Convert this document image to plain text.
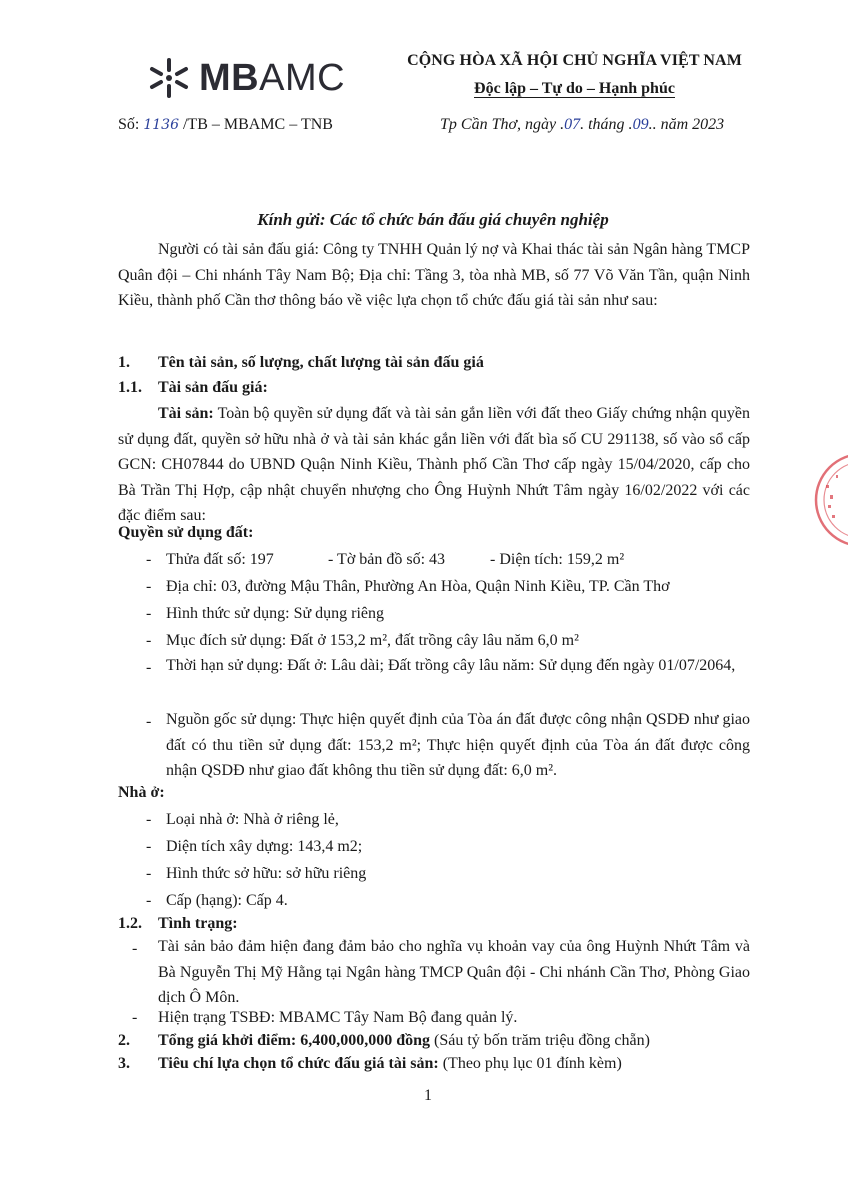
MBAMC
Số: 1136 /TB – MBAMC – TNB
CỘNG HÒA XÃ HỘI CHỦ NGHĨA VIỆT NAM
Độc lập – Tự do – Hạnh phúc
Tp Cần Thơ, ngày .07. tháng .09.. năm 2023
Kính gửi: Các tổ chức bán đấu giá chuyên nghiệp
Người có tài sản đấu giá: Công ty TNHH Quản lý nợ và Khai thác tài sản Ngân hàng TMCP Quân đội – Chi nhánh Tây Nam Bộ; Địa chỉ: Tầng 3, tòa nhà MB, số 77 Võ Văn Tần, quận Ninh Kiều, thành phố Cần thơ thông báo về việc lựa chọn tổ chức đấu giá tài sản như sau:
1. Tên tài sản, số lượng, chất lượng tài sản đấu giá
1.1. Tài sản đấu giá:
Tài sản: Toàn bộ quyền sử dụng đất và tài sản gắn liền với đất theo Giấy chứng nhận quyền sử dụng đất, quyền sở hữu nhà ở và tài sản khác gắn liền với đất bìa số CU 291138, số vào sổ cấp GCN: CH07844 do UBND Quận Ninh Kiều, Thành phố Cần Thơ cấp ngày 15/04/2020, cấp cho Bà Trần Thị Hợp, cập nhật chuyển nhượng cho Ông Huỳnh Nhứt Tâm ngày 16/02/2022 với các đặc điểm sau:
Quyền sử dụng đất:
- Thửa đất số: 197	- Tờ bản đồ số: 43	- Diện tích: 159,2 m²
- Địa chỉ: 03, đường Mậu Thân, Phường An Hòa, Quận Ninh Kiều, TP. Cần Thơ
- Hình thức sử dụng: Sử dụng riêng
- Mục đích sử dụng: Đất ở 153,2 m², đất trồng cây lâu năm 6,0 m²
- Thời hạn sử dụng: Đất ở: Lâu dài; Đất trồng cây lâu năm: Sử dụng đến ngày 01/07/2064,
- Nguồn gốc sử dụng: Thực hiện quyết định của Tòa án đất được công nhận QSDĐ như giao đất có thu tiền sử dụng đất: 153,2 m²; Thực hiện quyết định của Tòa án đất được công nhận QSDĐ như giao đất không thu tiền sử dụng đất: 6,0 m².
Nhà ở:
- Loại nhà ở: Nhà ở riêng lẻ,
- Diện tích xây dựng: 143,4 m2;
- Hình thức sở hữu: sở hữu riêng
- Cấp (hạng): Cấp 4.
1.2. Tình trạng:
- Tài sản bảo đảm hiện đang đảm bảo cho nghĩa vụ khoản vay của ông Huỳnh Nhứt Tâm và Bà Nguyễn Thị Mỹ Hằng tại Ngân hàng TMCP Quân đội - Chi nhánh Cần Thơ, Phòng Giao dịch Ô Môn.
- Hiện trạng TSBĐ: MBAMC Tây Nam Bộ đang quản lý.
2. Tổng giá khởi điểm: 6,400,000,000 đồng (Sáu tỷ bốn trăm triệu đồng chẵn)
3. Tiêu chí lựa chọn tổ chức đấu giá tài sản: (Theo phụ lục 01 đính kèm)
1
